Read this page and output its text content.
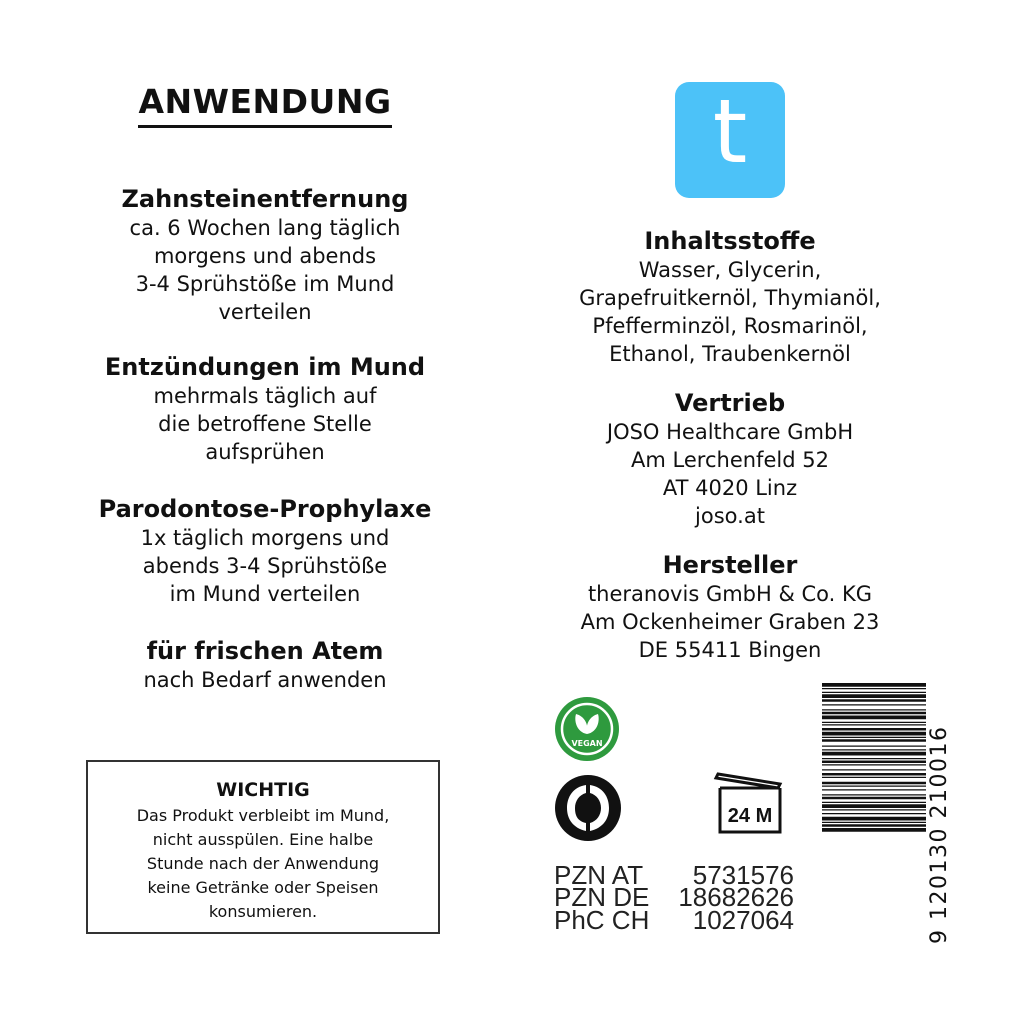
ANWENDUNG
Zahnsteinentfernung
ca. 6 Wochen lang täglich
morgens und abends
3-4 Sprühstöße im Mund
verteilen
Entzündungen im Mund
mehrmals täglich auf
die betroffene Stelle
aufsprühen
Parodontose-Prophylaxe
1x täglich morgens und
abends 3-4 Sprühstöße
im Mund verteilen
für frischen Atem
nach Bedarf anwenden
WICHTIG
Das Produkt verbleibt im Mund,
nicht ausspülen. Eine halbe
Stunde nach der Anwendung
keine Getränke oder Speisen
konsumieren.
t
Inhaltsstoffe
Wasser, Glycerin,
Grapefruitkernöl, Thymianöl,
Pfefferminzöl, Rosmarinöl,
Ethanol, Traubenkernöl
Vertrieb
JOSO Healthcare GmbH
Am Lerchenfeld 52
AT 4020 Linz
joso.at
Hersteller
theranovis GmbH & Co. KG
Am Ockenheimer Graben 23
DE 55411 Bingen
VEGAN
24 M
PZN AT 5731576
PZN DE 18682626
PhC CH 1027064	9 120130 210016
